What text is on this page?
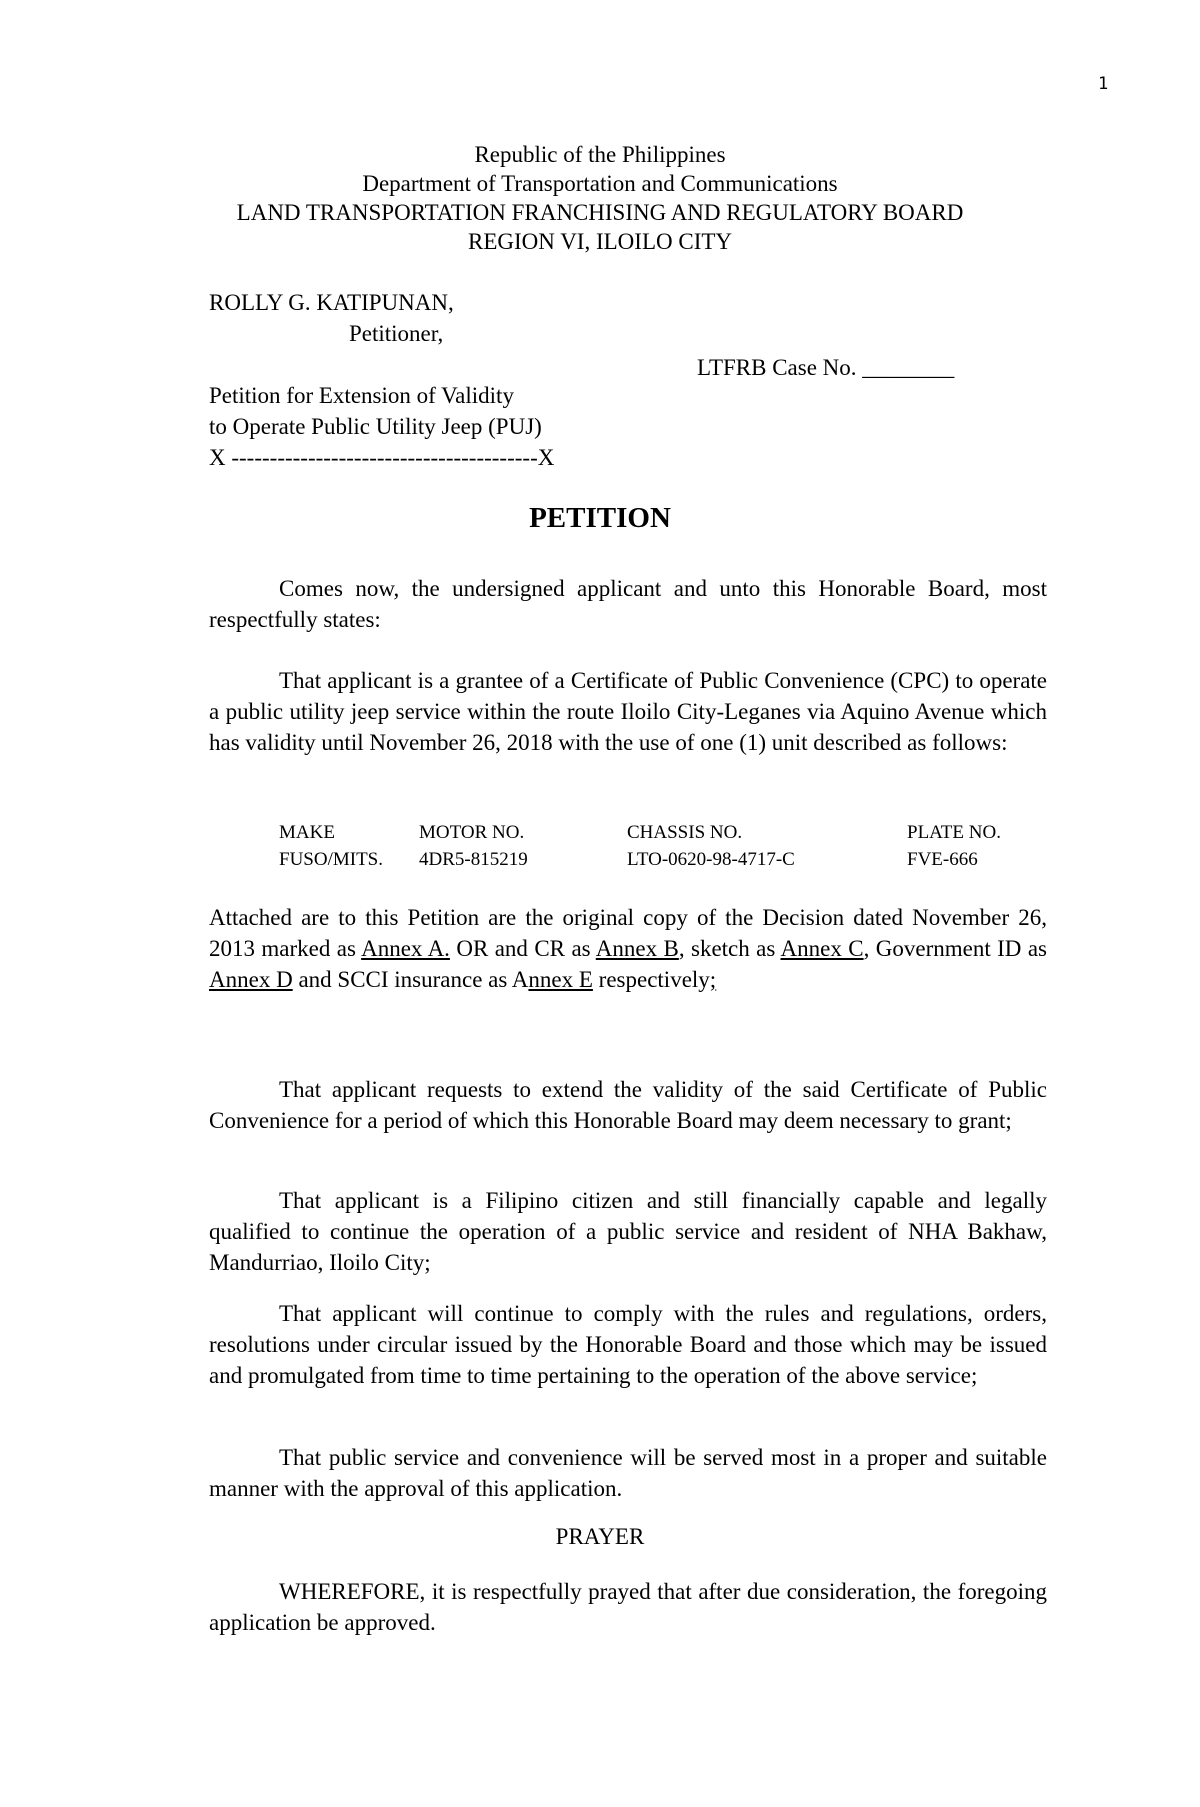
1
Republic of the Philippines
Department of Transportation and Communications
LAND TRANSPORTATION FRANCHISING AND REGULATORY BOARD
REGION VI, ILOILO CITY
ROLLY G. KATIPUNAN,
Petitioner,
LTFRB Case No. ________
Petition for Extension of Validity
to Operate Public Utility Jeep (PUJ)
X ----------------------------------------X
PETITION
Comes now, the undersigned applicant and unto this Honorable Board, most respectfully states:
That applicant is a grantee of a Certificate of Public Convenience (CPC) to operate a public utility jeep service within the route Iloilo City-Leganes via Aquino Avenue which has validity until November 26, 2018 with the use of one (1) unit described as follows:
MAKE	MOTOR NO.	CHASSIS NO.	PLATE NO.
FUSO/MITS. 4DR5-815219	LTO-0620-98-4717-C	FVE-666
Attached are to this Petition are the original copy of the Decision dated November 26, 2013 marked as Annex A. OR and CR as Annex B, sketch as Annex C, Government ID as Annex D and SCCI insurance as Annex E respectively;
That applicant requests to extend the validity of the said Certificate of Public Convenience for a period of which this Honorable Board may deem necessary to grant;
That applicant is a Filipino citizen and still financially capable and legally qualified to continue the operation of a public service and resident of NHA Bakhaw, Mandurriao, Iloilo City;
That applicant will continue to comply with the rules and regulations, orders, resolutions under circular issued by the Honorable Board and those which may be issued and promulgated from time to time pertaining to the operation of the above service;
That public service and convenience will be served most in a proper and suitable manner with the approval of this application.
PRAYER
WHEREFORE, it is respectfully prayed that after due consideration, the foregoing application be approved.
